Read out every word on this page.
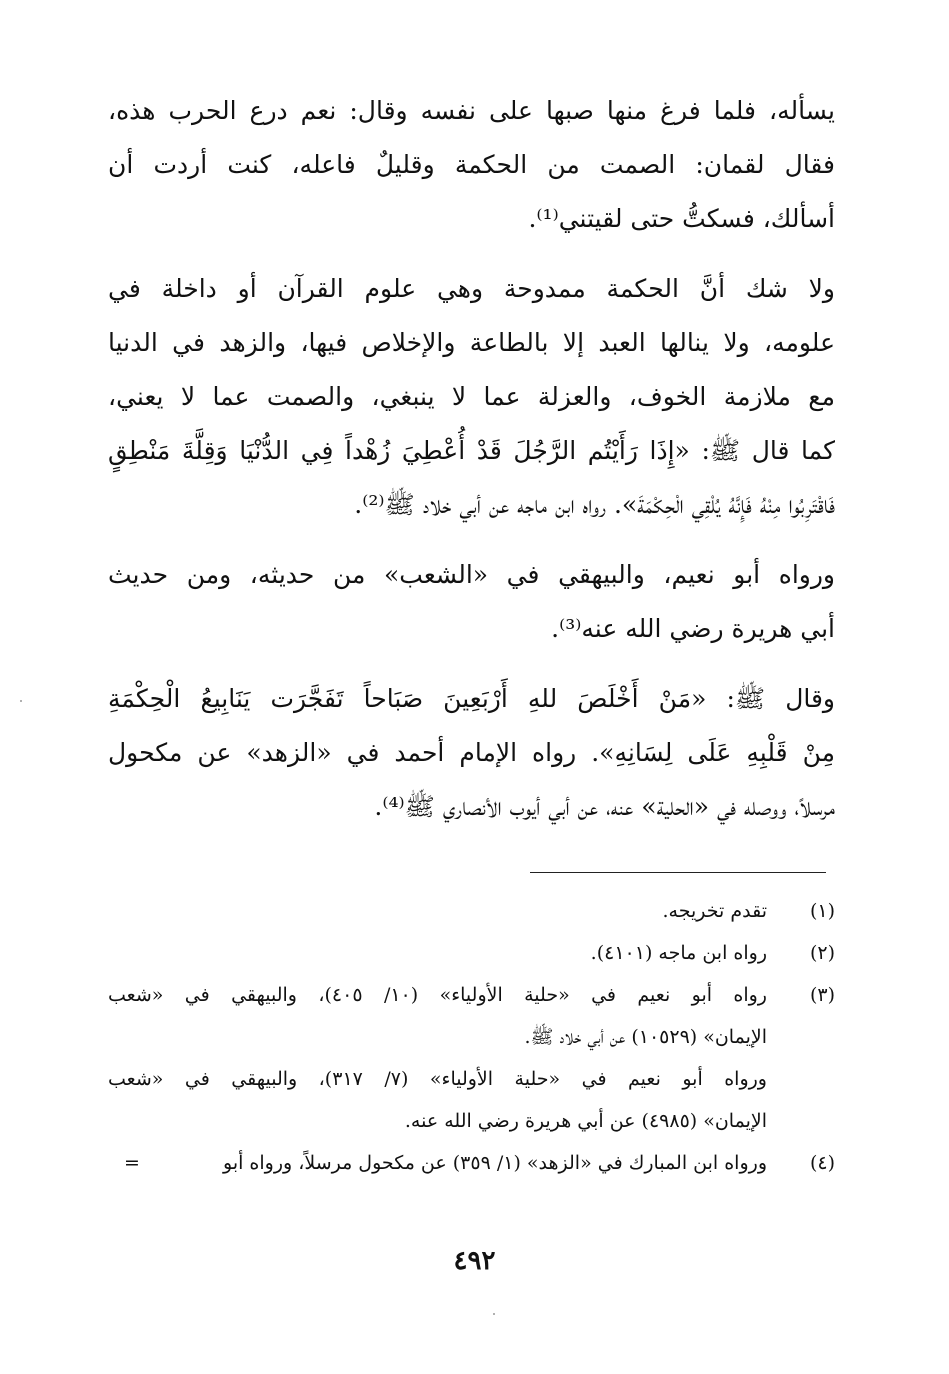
يسأله، فلما فرغ منها صبها على نفسه وقال: نعم درع الحرب هذه،
فقال لقمان: الصمت من الحكمة وقليلٌ فاعله، كنت أردت أن
أسألك، فسكتُّ حتى لقيتني⁽¹⁾.
ولا شك أنَّ الحكمة ممدوحة وهي علوم القرآن أو داخلة في
علومه، ولا ينالها العبد إلا بالطاعة والإخلاص فيها، والزهد في الدنيا
مع ملازمة الخوف، والعزلة عما لا ينبغي، والصمت عما لا يعني،
كما قال ﷺ: «إِذَا رَأَيْتُم الرَّجُلَ قَدْ أُعْطِيَ زُهْداً فِي الدُّنْيَا وَقِلَّةَ مَنْطِقٍ
فَاقْتَرِبُوا مِنْهُ فَإِنَّهُ يُلْقِي الْحِكْمَةَ». رواه ابن ماجه عن أبي خلاد ﷺ⁽²⁾.
ورواه أبو نعيم، والبيهقي في «الشعب» من حديثه، ومن حديث
أبي هريرة رضي الله عنه⁽³⁾.
وقال ﷺ: «مَنْ أَخْلَصَ للهِ أَرْبَعِينَ صَبَاحاً تَفَجَّرَت يَنَابِيعُ الْحِكْمَةِ
مِنْ قَلْبِهِ عَلَى لِسَانِهِ». رواه الإمام أحمد في «الزهد» عن مكحول
مرسلاً، ووصله في «الحلية» عنه، عن أبي أيوب الأنصاري ﷺ⁽⁴⁾.
(١)
تقدم تخريجه.
(٢)
رواه ابن ماجه (٤١٠١).
(٣)
رواه أبو نعيم في «حلية الأولياء» (١٠/ ٤٠٥)، والبيهقي في «شعب
الإيمان» (١٠٥٢٩) عن أبي خلاد ﷺ.
ورواه أبو نعيم في «حلية الأولياء» (٧/ ٣١٧)، والبيهقي في «شعب
الإيمان» (٤٩٨٥) عن أبي هريرة رضي الله عنه.
(٤)
ورواه ابن المبارك في «الزهد» (١/ ٣٥٩) عن مكحول مرسلاً، ورواه أبو
=
٤٩٢
